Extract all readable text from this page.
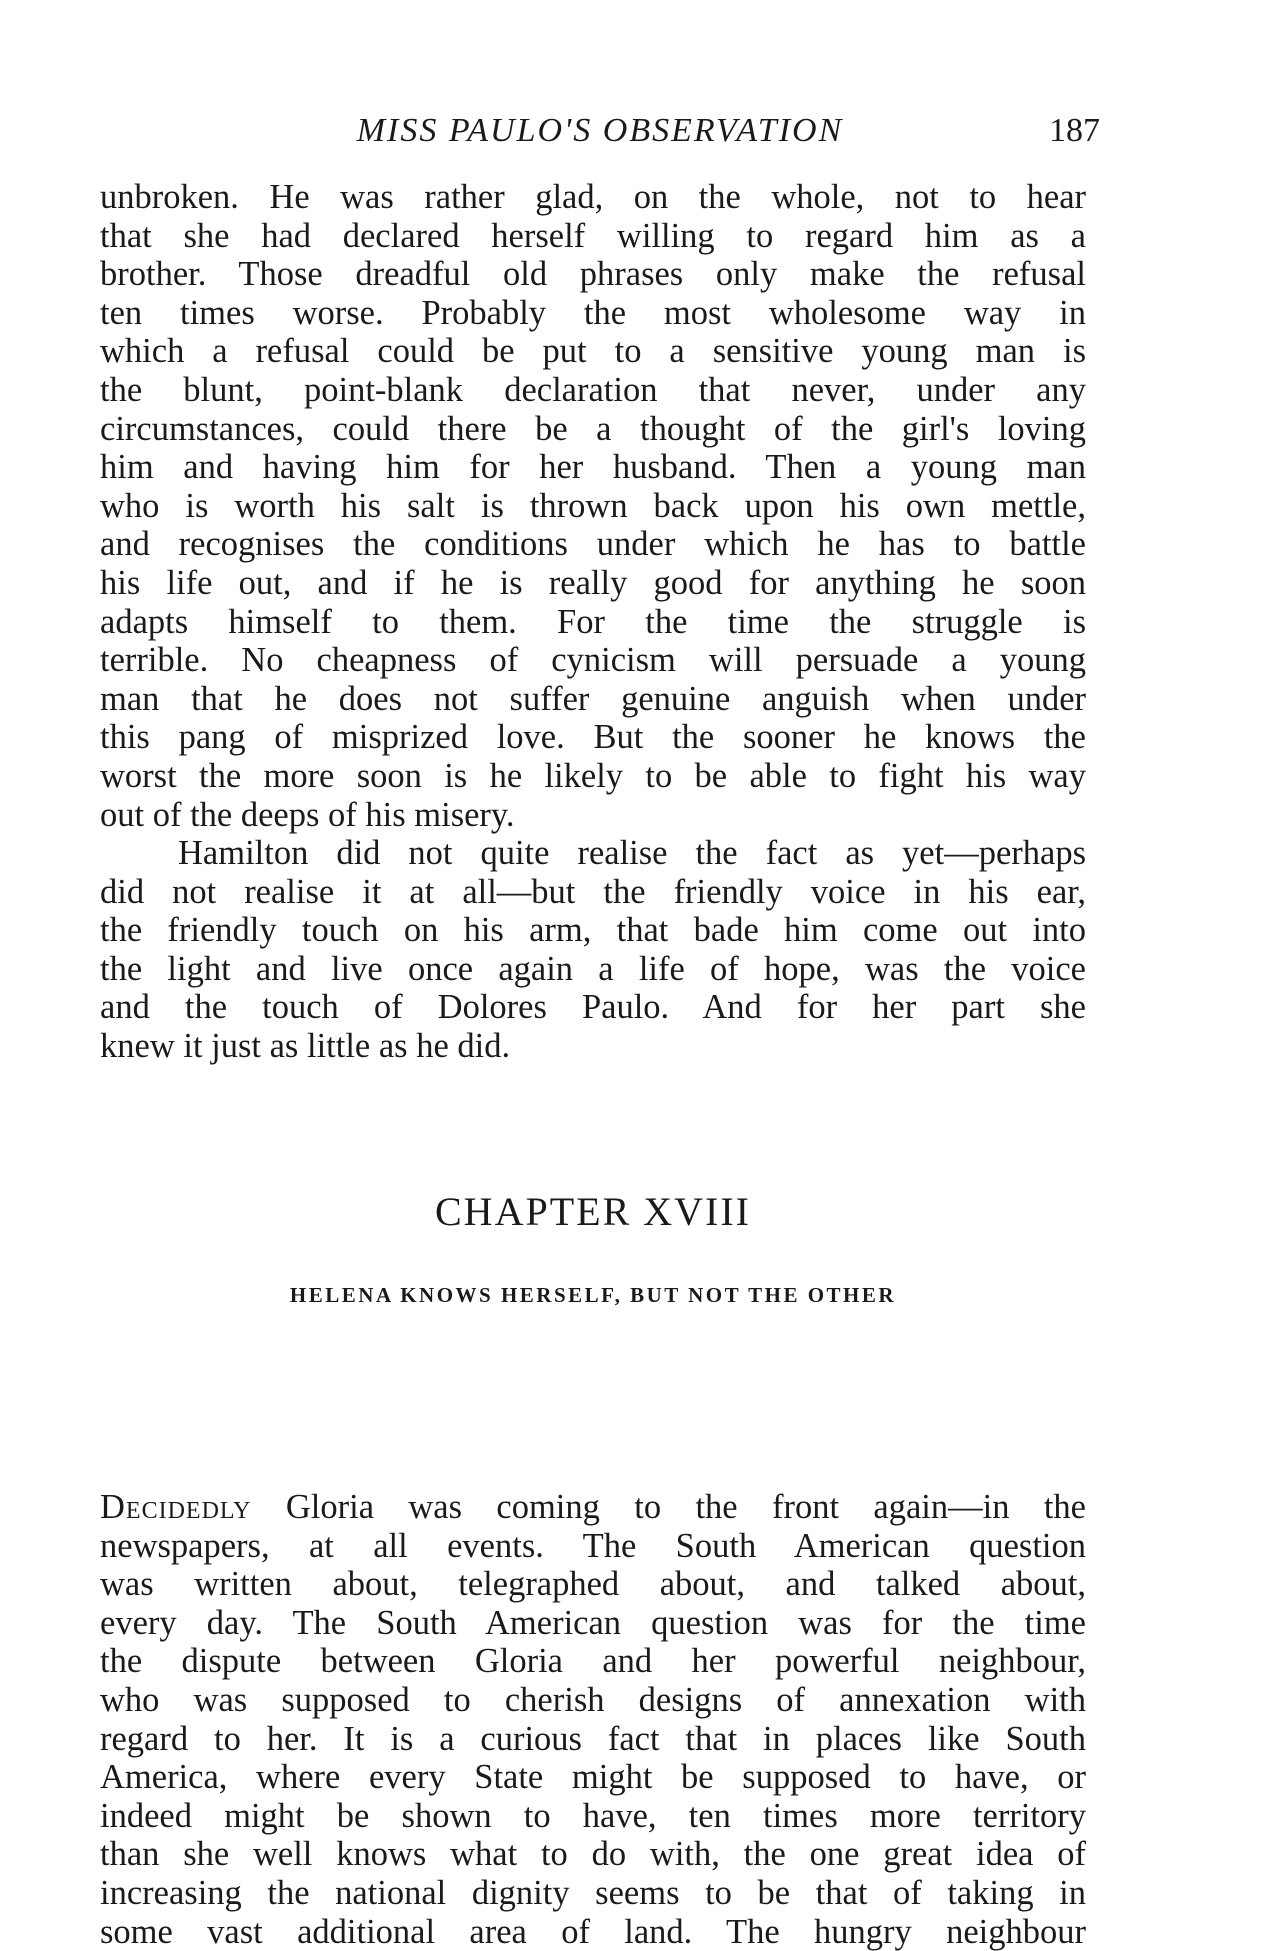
MISS PAULO'S OBSERVATION	187
unbroken. He was rather glad, on the whole, not to hear
that she had declared herself willing to regard him as a
brother. Those dreadful old phrases only make the refusal
ten times worse. Probably the most wholesome way in
which a refusal could be put to a sensitive young man is
the blunt, point-blank declaration that never, under any
circumstances, could there be a thought of the girl's loving
him and having him for her husband. Then a young man
who is worth his salt is thrown back upon his own mettle,
and recognises the conditions under which he has to battle
his life out, and if he is really good for anything he soon
adapts himself to them. For the time the struggle is
terrible. No cheapness of cynicism will persuade a young
man that he does not suffer genuine anguish when under
this pang of misprized love. But the sooner he knows the
worst the more soon is he likely to be able to fight his way
out of the deeps of his misery.
Hamilton did not quite realise the fact as yet—perhaps
did not realise it at all—but the friendly voice in his ear,
the friendly touch on his arm, that bade him come out into
the light and live once again a life of hope, was the voice
and the touch of Dolores Paulo. And for her part she
knew it just as little as he did.
CHAPTER XVIII
HELENA KNOWS HERSELF, BUT NOT THE OTHER
Decidedly Gloria was coming to the front again—in the
newspapers, at all events. The South American question
was written about, telegraphed about, and talked about,
every day. The South American question was for the time
the dispute between Gloria and her powerful neighbour,
who was supposed to cherish designs of annexation with
regard to her. It is a curious fact that in places like South
America, where every State might be supposed to have, or
indeed might be shown to have, ten times more territory
than she well knows what to do with, the one great idea of
increasing the national dignity seems to be that of taking in
some vast additional area of land. The hungry neighbour
